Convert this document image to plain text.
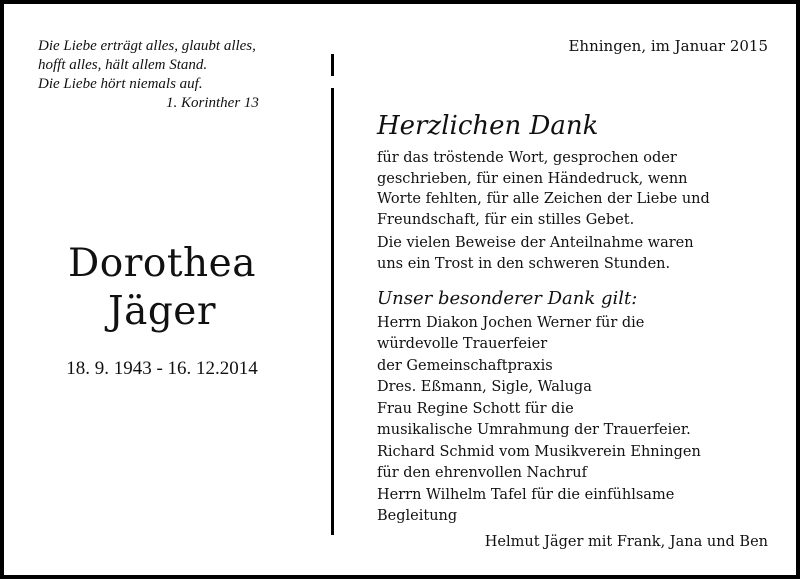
Die Liebe erträgt alles, glaubt alles,
hofft alles, hält allem Stand.
Die Liebe hört niemals auf.

1. Korinther 13
Dorothea
Jäger
18. 9. 1943 - 16. 12.2014
Ehningen, im Januar 2015
Herzlichen Dank
für das tröstende Wort, gesprochen oder
geschrieben, für einen Händedruck, wenn
Worte fehlten, für alle Zeichen der Liebe und
Freundschaft, für ein stilles Gebet.
Die vielen Beweise der Anteilnahme waren
uns ein Trost in den schweren Stunden.
Unser besonderer Dank gilt:
Herrn Diakon Jochen Werner für die
würdevolle Trauerfeier
der Gemeinschaftpraxis
Dres. Eßmann, Sigle, Waluga
Frau Regine Schott für die
musikalische Umrahmung der Trauerfeier.
Richard Schmid vom Musikverein Ehningen
für den ehrenvollen Nachruf
Herrn Wilhelm Tafel für die einfühlsame
Begleitung
Helmut Jäger mit Frank, Jana und Ben
